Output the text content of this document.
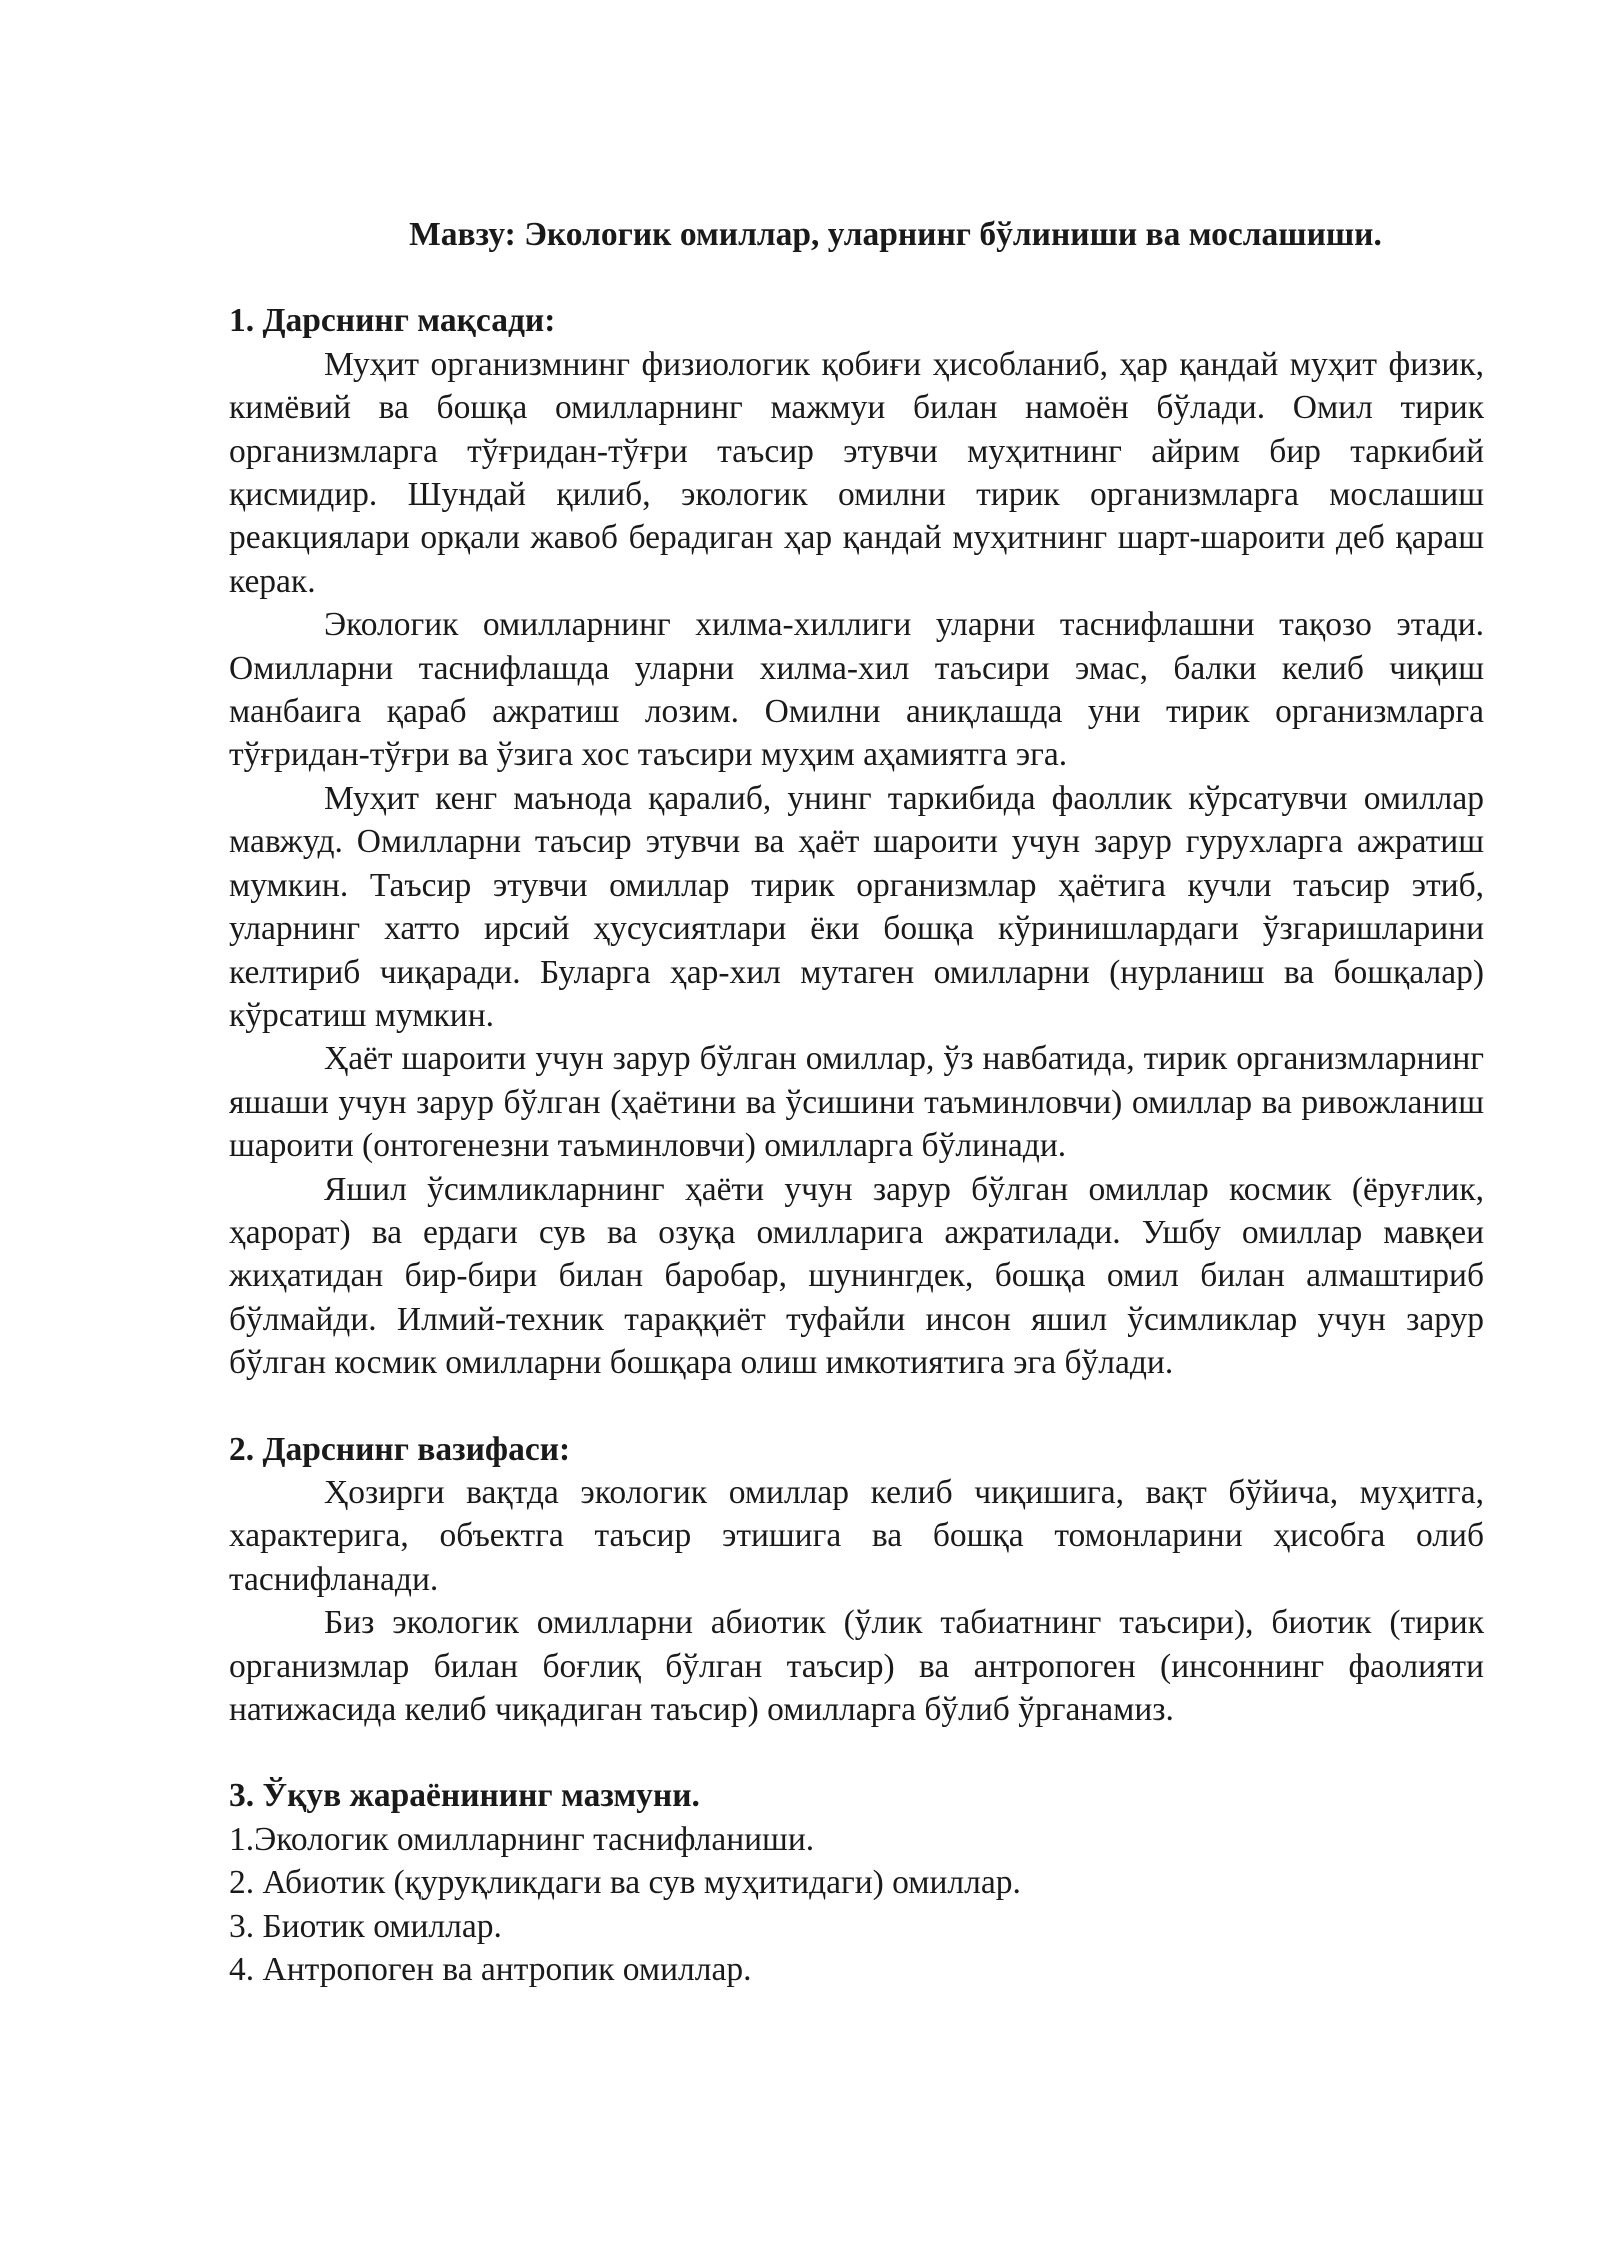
Мавзу: Экологик омиллар, уларнинг бўлиниши ва мослашиши.

1. Дарснинг мақсади:

Муҳит организмнинг физиологик қобиғи ҳисобланиб, ҳар қандай муҳит физик, кимёвий ва бошқа омилларнинг мажмуи билан намоён бўлади. Омил тирик организмларга тўғридан-тўғри таъсир этувчи муҳитнинг айрим бир таркибий қисмидир. Шундай қилиб, экологик омилни тирик организмларга мослашиш реакциялари орқали жавоб берадиган ҳар қандай муҳитнинг шарт-шароити деб қараш керак.

Экологик омилларнинг хилма-хиллиги уларни таснифлашни тақозо этади. Омилларни таснифлашда уларни хилма-хил таъсири эмас, балки келиб чиқиш манбаига қараб ажратиш лозим. Омилни аниқлашда уни тирик организмларга тўғридан-тўғри ва ўзига хос таъсири муҳим аҳамиятга эга.

Муҳит кенг маънода қаралиб, унинг таркибида фаоллик кўрсатувчи омиллар мавжуд. Омилларни таъсир этувчи ва ҳаёт шароити учун зарур гурухларга ажратиш мумкин. Таъсир этувчи омиллар тирик организмлар ҳаётига кучли таъсир этиб, уларнинг хатто ирсий ҳусусиятлари ёки бошқа кўринишлардаги ўзгаришларини келтириб чиқаради. Буларга ҳар-хил мутаген омилларни (нурланиш ва бошқалар) кўрсатиш мумкин.

Ҳаёт шароити учун зарур бўлган омиллар, ўз навбатида, тирик организмларнинг яшаши учун зарур бўлган (ҳаётини ва ўсишини таъминловчи) омиллар ва ривожланиш шароити (онтогенезни таъминловчи) омилларга бўлинади.

Яшил ўсимликларнинг ҳаёти учун зарур бўлган омиллар космик (ёруғлик, ҳарорат) ва ердаги сув ва озуқа омилларига ажратилади. Ушбу омиллар мавқеи жиҳатидан бир-бири билан баробар, шунингдек, бошқа омил билан алмаштириб бўлмайди. Илмий-техник тараққиёт туфайли инсон яшил ўсимликлар учун зарур бўлган космик омилларни бошқара олиш имкотиятига эга бўлади.

2. Дарснинг вазифаси:

Ҳозирги вақтда экологик омиллар келиб чиқишига, вақт бўйича, муҳитга, характерига, объектга таъсир этишига ва бошқа томонларини ҳисобга олиб таснифланади.

Биз экологик омилларни абиотик (ўлик табиатнинг таъсири), биотик (тирик организмлар билан боғлиқ бўлган таъсир) ва антропоген (инсоннинг фаолияти натижасида келиб чиқадиган таъсир) омилларга бўлиб ўрганамиз.

3. Ўқув жараёнининг мазмуни.

1.Экологик омилларнинг таснифланиши.
2. Абиотик (қуруқликдаги ва сув муҳитидаги) омиллар.
3. Биотик омиллар.
4. Антропоген ва антропик омиллар.
